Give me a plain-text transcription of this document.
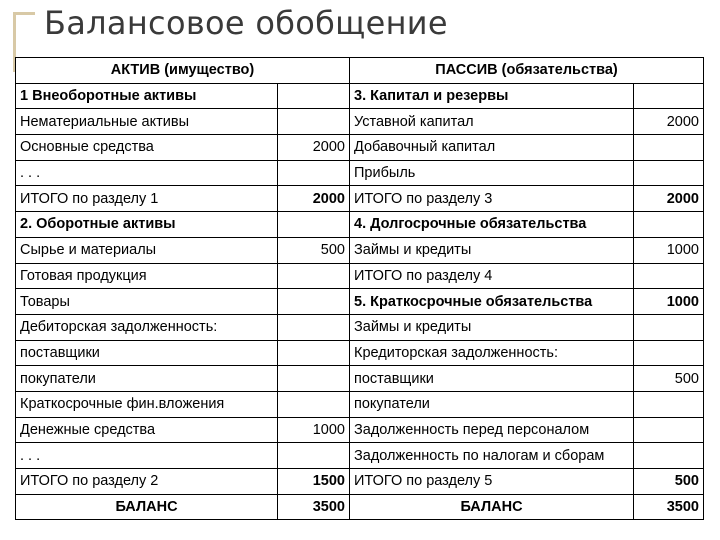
Балансовое обобщение
АКТИВ (имущество)		ПАССИВ (обязательства)	
1 Внеоборотные активы		3. Капитал и резервы	
Нематериальные активы		Уставной капитал	2000
Основные средства	2000	Добавочный капитал	
. . .		Прибыль	
ИТОГО по разделу 1	2000	ИТОГО по разделу 3	2000
2. Оборотные активы		4. Долгосрочные обязательства	
Сырье и материалы	500	Займы и кредиты	1000
Готовая продукция		ИТОГО по разделу 4	
Товары		5. Краткосрочные обязательства	1000
Дебиторская задолженность:		Займы и кредиты	
поставщики		Кредиторская задолженность:	
покупатели		поставщики	500
Краткосрочные фин.вложения		покупатели	
Денежные средства	1000	Задолженность перед персоналом	
. . .		Задолженность по налогам и сборам	
ИТОГО по разделу 2	1500	ИТОГО по разделу 5	500
БАЛАНС	3500	БАЛАНС	3500
